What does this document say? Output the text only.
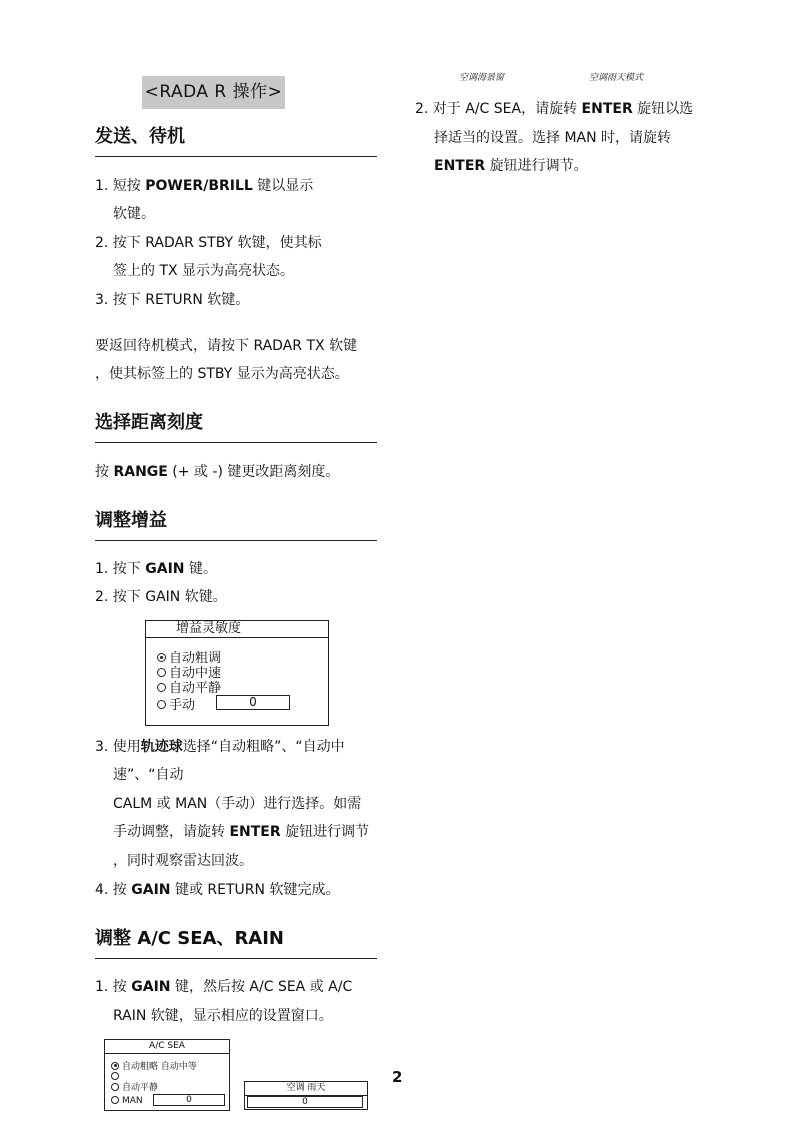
<RADA R 操作>
空调海景窗	空调雨天模式
发送、待机
1. 短按 POWER/BRILL 键以显示
软键。
2. 按下 RADAR STBY 软键，使其标
签上的 TX 显示为高亮状态。
3. 按下 RETURN 软键。
要返回待机模式，请按下 RADAR TX 软键
，使其标签上的 STBY 显示为高亮状态。
选择距离刻度
按 RANGE (+ 或 -) 键更改距离刻度。
调整增益
1. 按下 GAIN 键。
2. 按下 GAIN 软键。
增益灵敏度
自动粗调
自动中速
自动平静
手动	0
3. 使用轨迹球选择“自动粗略”、“自动中
速”、“自动
CALM 或 MAN（手动）进行选择。如需
手动调整，请旋转 ENTER 旋钮进行调节
，同时观察雷达回波。
4. 按 GAIN 键或 RETURN 软键完成。
调整 A/C SEA、RAIN
1. 按 GAIN 键，然后按 A/C SEA 或 A/C
RAIN 软键，显示相应的设置窗口。
A/C SEA
自动粗略 自动中等
自动平静
MAN	0
空调 雨天
0
2
2. 对于 A/C SEA，请旋转 ENTER 旋钮以选
择适当的设置。选择 MAN 时，请旋转
ENTER 旋钮进行调节。
